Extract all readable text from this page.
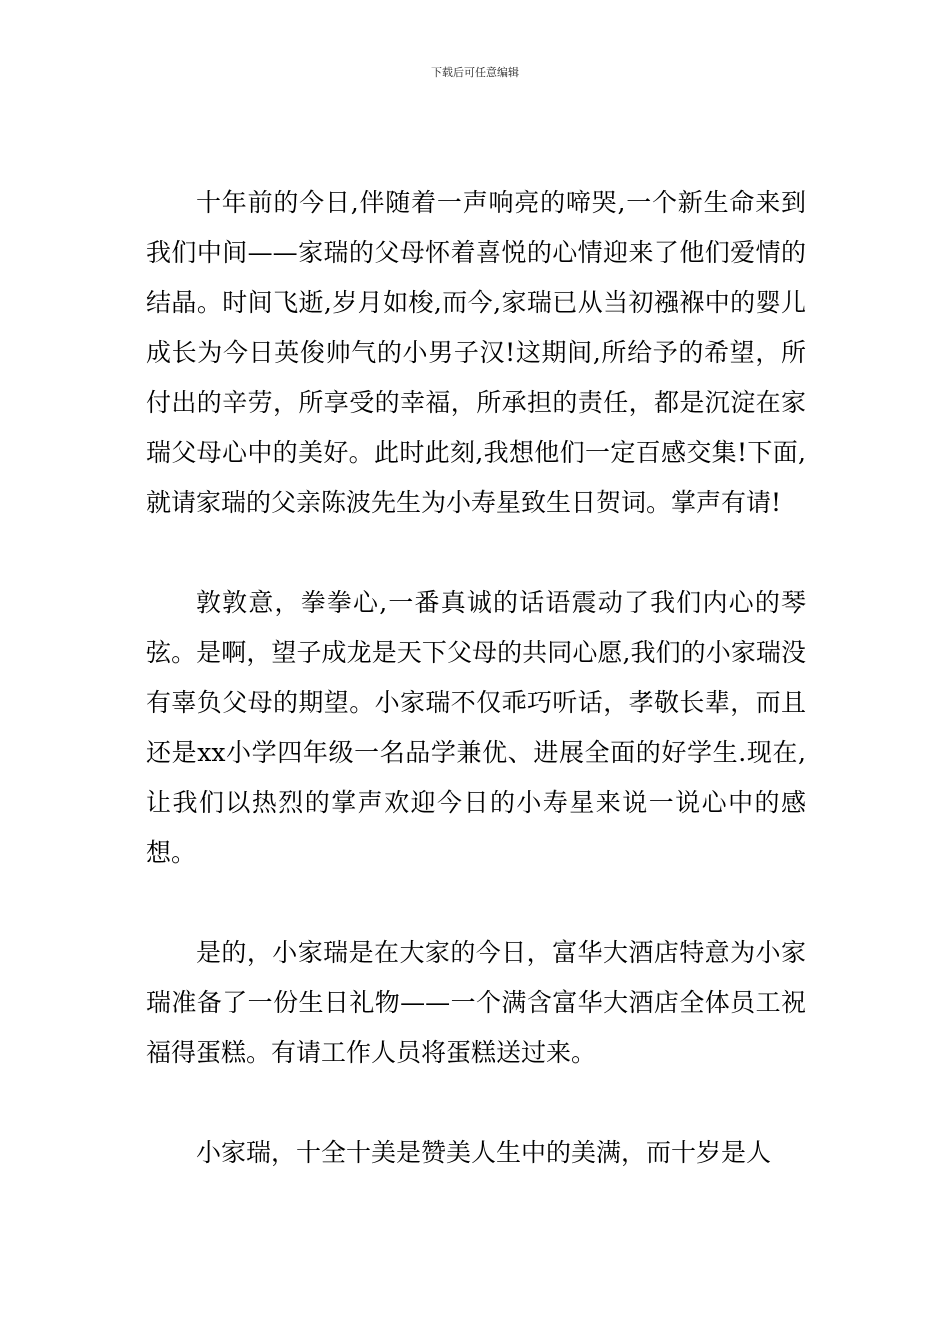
下载后可任意编辑

十年前的今日,伴随着一声响亮的啼哭,一个新生命来到我们中间——家瑞的父母怀着喜悦的心情迎来了他们爱情的结晶。时间飞逝,岁月如梭,而今,家瑞已从当初襁褓中的婴儿成长为今日英俊帅气的小男子汉!这期间,所给予的希望，所付出的辛劳，所享受的幸福，所承担的责任，都是沉淀在家瑞父母心中的美好。此时此刻,我想他们一定百感交集!下面,就请家瑞的父亲陈波先生为小寿星致生日贺词。掌声有请!

敦敦意，拳拳心,一番真诚的话语震动了我们内心的琴弦。是啊，望子成龙是天下父母的共同心愿,我们的小家瑞没有辜负父母的期望。小家瑞不仅乖巧听话，孝敬长辈，而且还是xx小学四年级一名品学兼优、进展全面的好学生.现在,让我们以热烈的掌声欢迎今日的小寿星来说一说心中的感想。

是的，小家瑞是在大家的今日，富华大酒店特意为小家瑞准备了一份生日礼物——一个满含富华大酒店全体员工祝福得蛋糕。有请工作人员将蛋糕送过来。

小家瑞，十全十美是赞美人生中的美满，而十岁是人
